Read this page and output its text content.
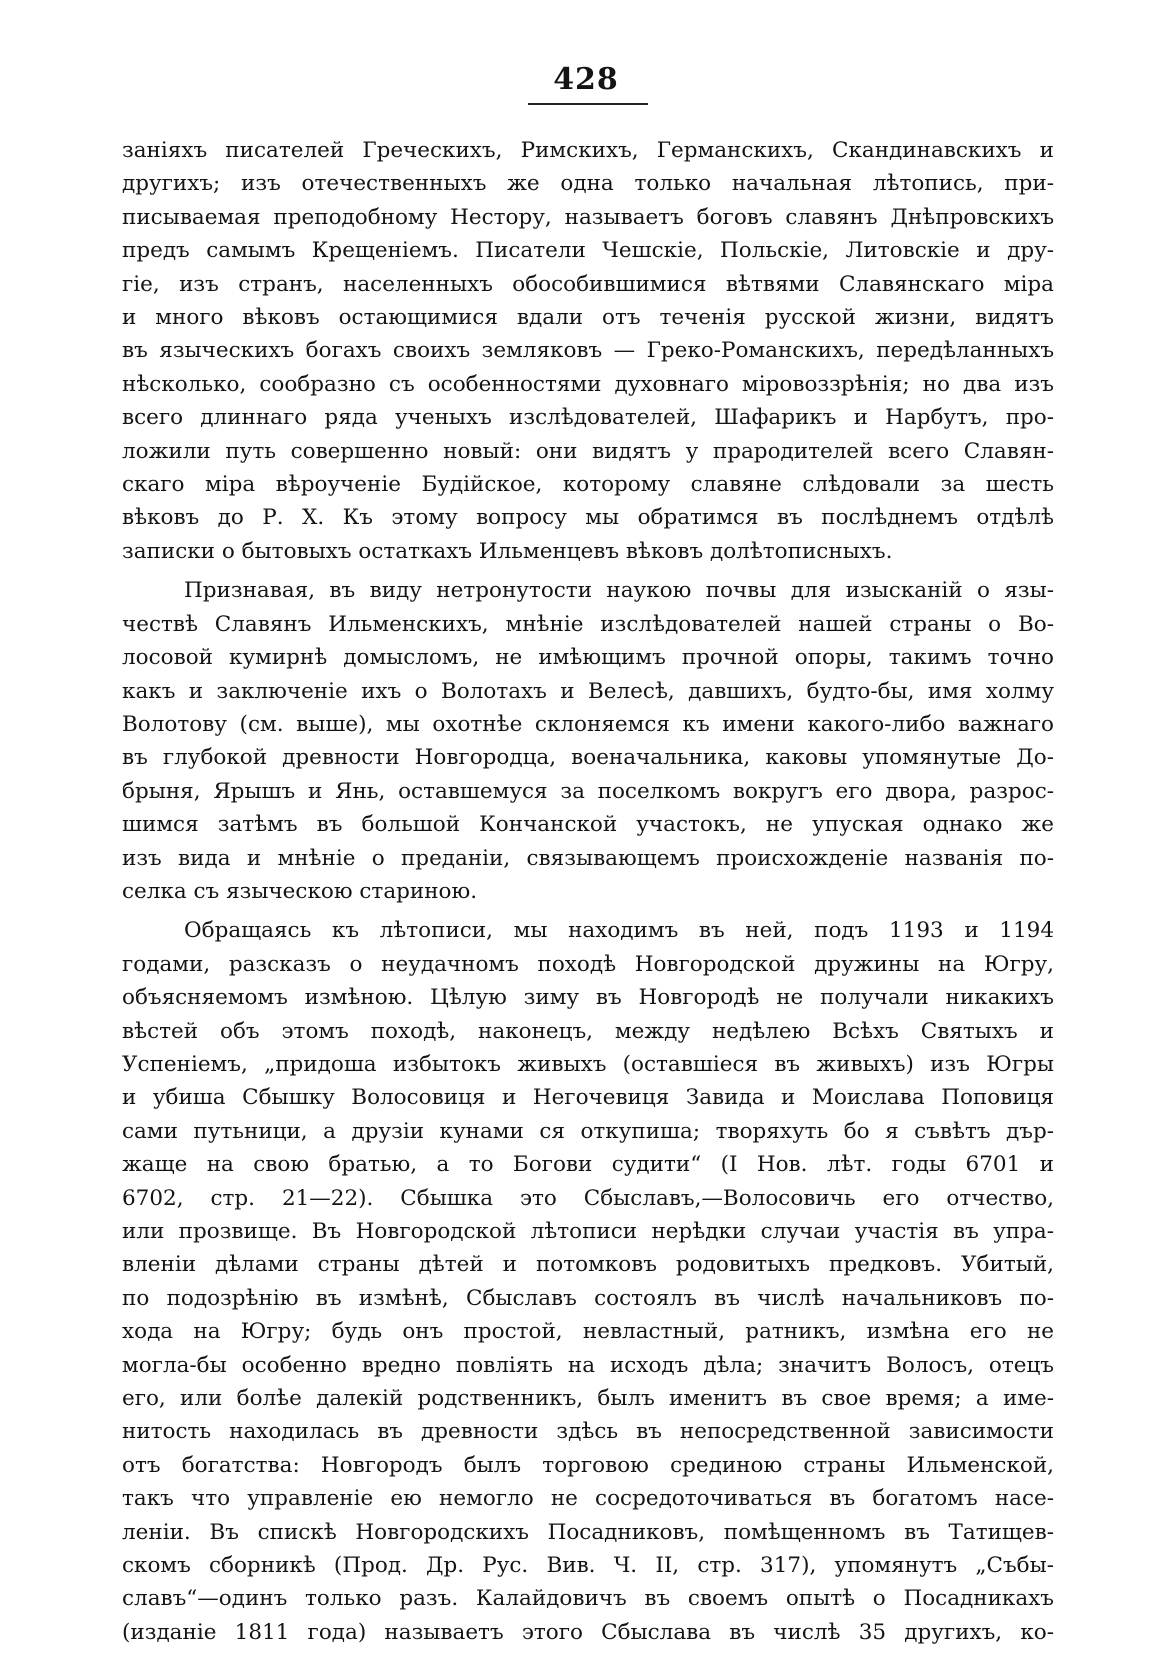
428
заніяхъ писателей Греческихъ, Римскихъ, Германскихъ, Скандинавскихъ и
другихъ; изъ отечественныхъ же одна только начальная лѣтопись, при-
писываемая преподобному Нестору, называетъ боговъ славянъ Днѣпровскихъ
предъ самымъ Крещеніемъ. Писатели Чешскіе, Польскіе, Литовскіе и дру-
гіе, изъ странъ, населенныхъ обособившимися вѣтвями Славянскаго міра
и много вѣковъ остающимися вдали отъ теченія русской жизни, видятъ
въ языческихъ богахъ своихъ земляковъ — Греко-Романскихъ, передѣланныхъ
нѣсколько, сообразно съ особенностями духовнаго міровоззрѣнія; но два изъ
всего длиннаго ряда ученыхъ изслѣдователей, Шафарикъ и Нарбутъ, про-
ложили путь совершенно новый: они видятъ у прародителей всего Славян-
скаго міра вѣроученіе Будійское, которому славяне слѣдовали за шесть
вѣковъ до Р. Х. Къ этому вопросу мы обратимся въ послѣднемъ отдѣлѣ
записки о бытовыхъ остаткахъ Ильменцевъ вѣковъ долѣтописныхъ.
Признавая, въ виду нетронутости наукою почвы для изысканій о язы-
чествѣ Славянъ Ильменскихъ, мнѣніе изслѣдователей нашей страны о Во-
лосовой кумирнѣ домысломъ, не имѣющимъ прочной опоры, такимъ точно
какъ и заключеніе ихъ о Волотахъ и Велесѣ, давшихъ, будто-бы, имя холму
Волотову (см. выше), мы охотнѣе склоняемся къ имени какого-либо важнаго
въ глубокой древности Новгородца, военачальника, каковы упомянутые До-
брыня, Ярышъ и Янь, оставшемуся за поселкомъ вокругъ его двора, разрос-
шимся затѣмъ въ большой Кончанской участокъ, не упуская однако же
изъ вида и мнѣніе о преданіи, связывающемъ происхожденіе названія по-
селка съ языческою стариною.
Обращаясь къ лѣтописи, мы находимъ въ ней, подъ 1193 и 1194
годами, разсказъ о неудачномъ походѣ Новгородской дружины на Югру,
объясняемомъ измѣною. Цѣлую зиму въ Новгородѣ не получали никакихъ
вѣстей объ этомъ походѣ, наконецъ, между недѣлею Всѣхъ Святыхъ и
Успеніемъ, „придоша избытокъ живыхъ (оставшіеся въ живыхъ) изъ Югры
и убиша Сбышку Волосовиця и Негочевиця Завида и Моислава Поповиця
сами путьници, а друзіи кунами ся откупиша; творяхуть бо я съвѣтъ дър-
жаще на свою братью, а то Богови судити“ (I Нов. лѣт. годы 6701 и
6702, стр. 21—22). Сбышка это Сбыславъ,—Волосовичь его отчество,
или прозвище. Въ Новгородской лѣтописи нерѣдки случаи участія въ упра-
вленіи дѣлами страны дѣтей и потомковъ родовитыхъ предковъ. Убитый,
по подозрѣнію въ измѣнѣ, Сбыславъ состоялъ въ числѣ начальниковъ по-
хода на Югру; будь онъ простой, невластный, ратникъ, измѣна его не
могла-бы особенно вредно повліять на исходъ дѣла; значитъ Волосъ, отецъ
его, или болѣе далекій родственникъ, былъ именитъ въ свое время; а име-
нитость находилась въ древности здѣсь въ непосредственной зависимости
отъ богатства: Новгородъ былъ торговою срединою страны Ильменской,
такъ что управленіе ею немогло не сосредоточиваться въ богатомъ насе-
леніи. Въ спискѣ Новгородскихъ Посадниковъ, помѣщенномъ въ Татищев-
скомъ сборникѣ (Прод. Др. Рус. Вив. Ч. II, стр. 317), упомянутъ „Събы-
славъ“—одинъ только разъ. Калайдовичъ въ своемъ опытѣ о Посадникахъ
(изданіе 1811 года) называетъ этого Сбыслава въ числѣ 35 другихъ, ко-
